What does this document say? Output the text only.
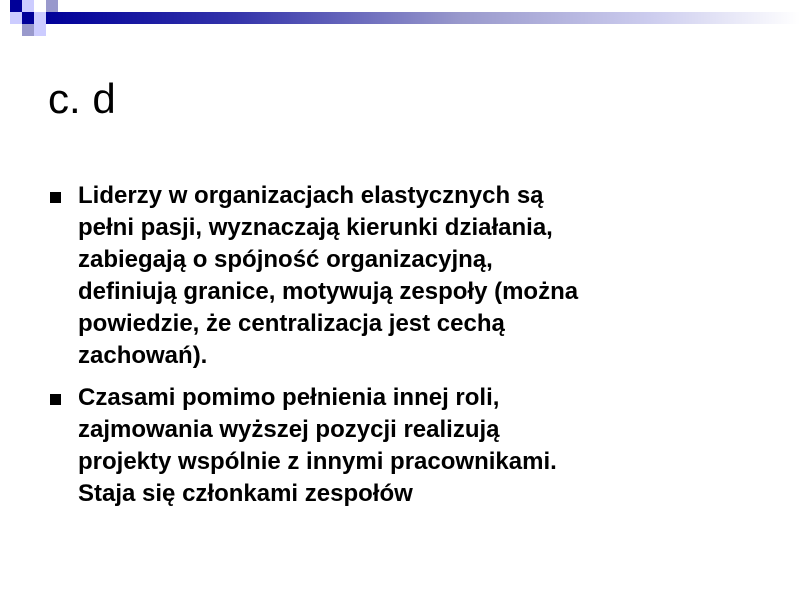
c. d
Liderzy w organizacjach elastycznych są
pełni pasji, wyznaczają kierunki działania,
zabiegają o spójność organizacyjną,
definiują granice, motywują zespoły (można
powiedzie, że centralizacja jest cechą
zachowań).
Czasami pomimo pełnienia innej roli,
zajmowania wyższej pozycji realizują
projekty wspólnie z innymi pracownikami.
Staja się członkami zespołów
